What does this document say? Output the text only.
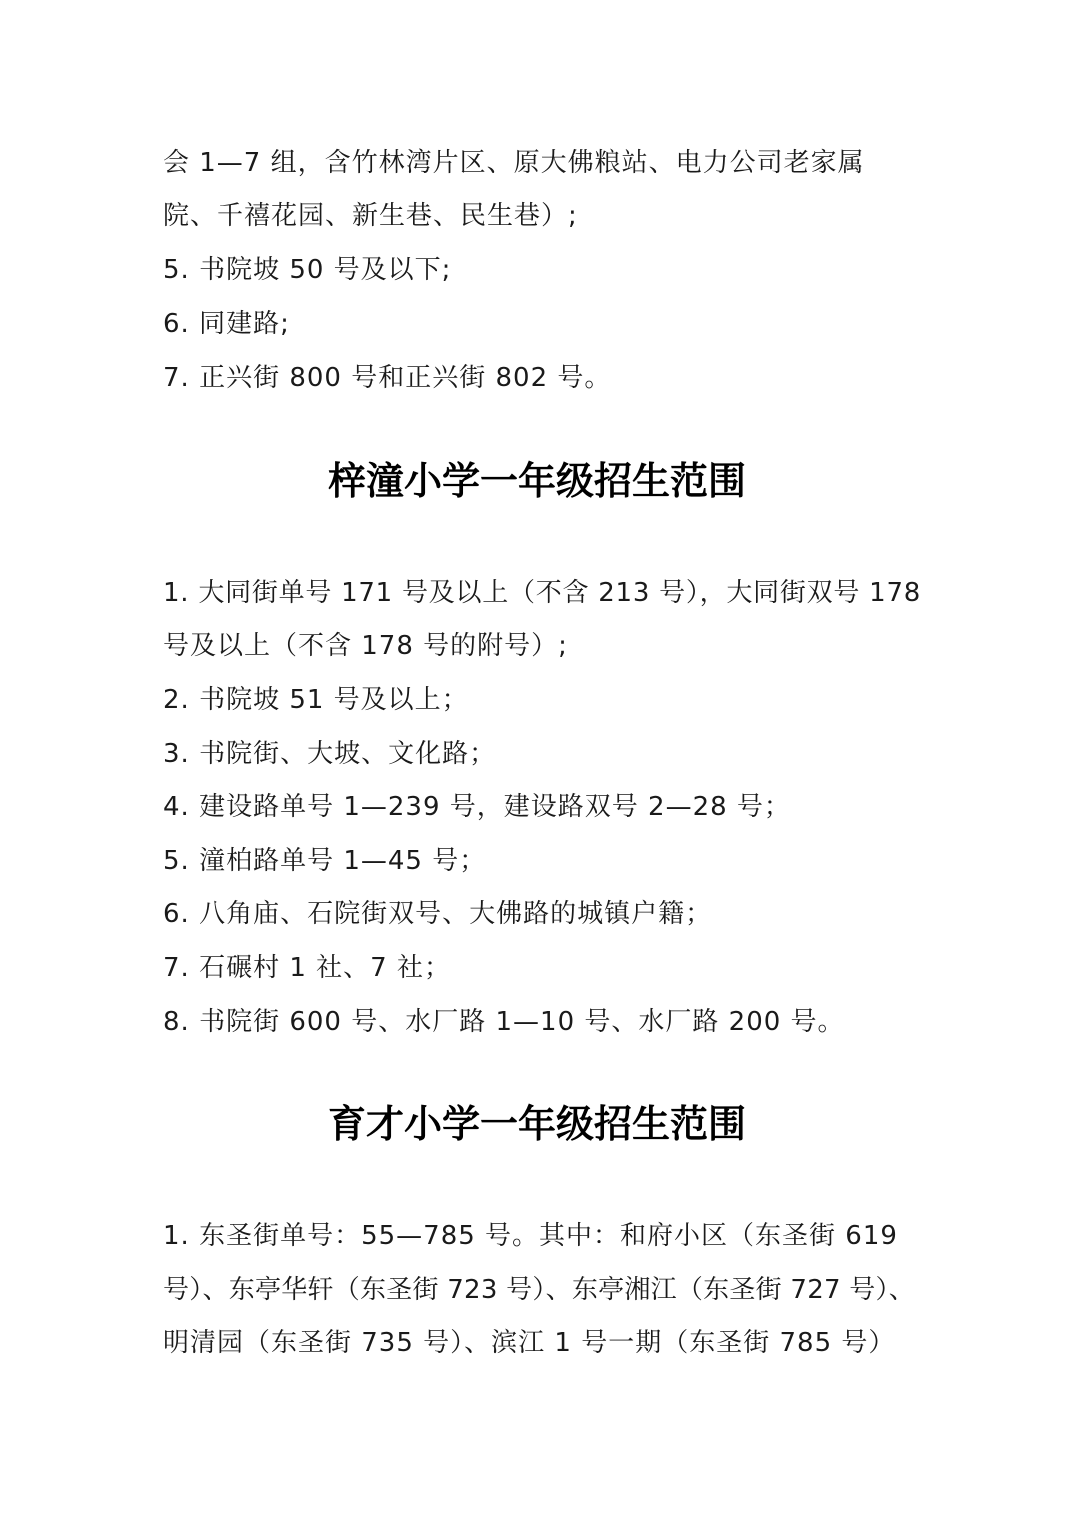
会 1—7 组，含竹林湾片区、原大佛粮站、电力公司老家属
院、千禧花园、新生巷、民生巷）;
5. 书院坡 50 号及以下;
6. 同建路;
7. 正兴街 800 号和正兴街 802 号。
梓潼小学一年级招生范围
1. 大同街单号 171 号及以上（不含 213 号），大同街双号 178
号及以上（不含 178 号的附号）;
2. 书院坡 51 号及以上；
3. 书院街、大坡、文化路；
4. 建设路单号 1—239 号，建设路双号 2—28 号；
5. 潼柏路单号 1—45 号；
6. 八角庙、石院街双号、大佛路的城镇户籍；
7. 石碾村 1 社、7 社；
8. 书院街 600 号、水厂路 1—10 号、水厂路 200 号。
育才小学一年级招生范围
1. 东圣街单号：55—785 号。其中：和府小区（东圣街 619
号）、东亭华轩（东圣街 723 号）、东亭湘江（东圣街 727 号）、
明清园（东圣街 735 号）、滨江 1 号一期（东圣街 785 号）
